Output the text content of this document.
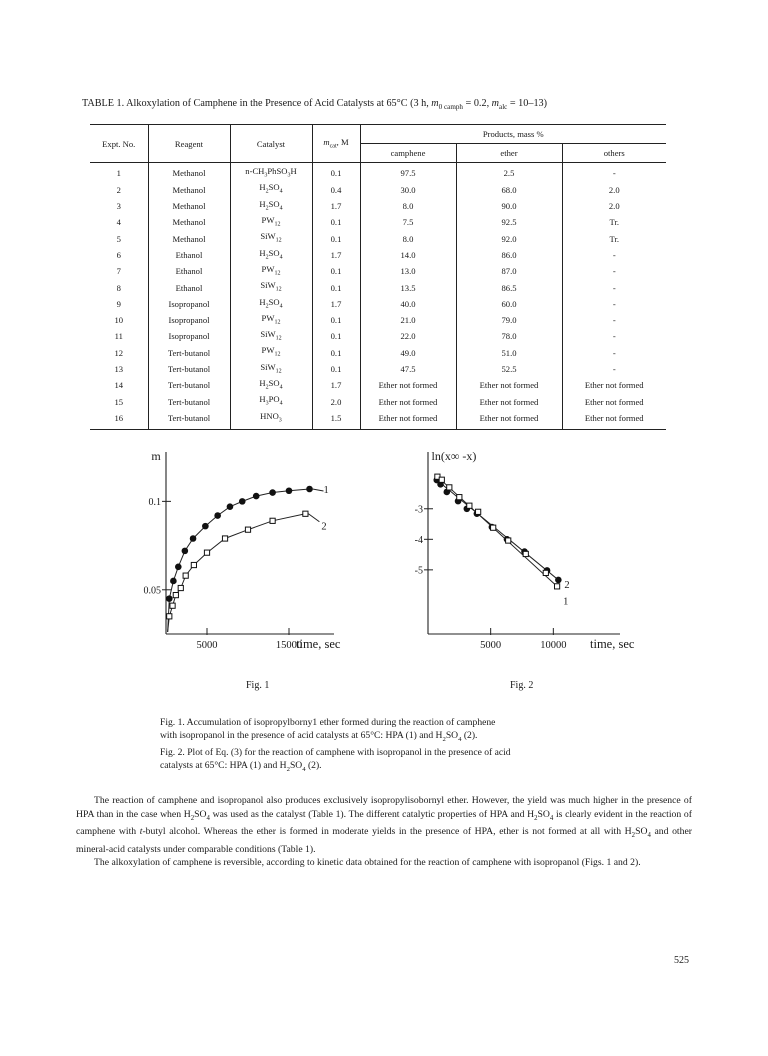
TABLE 1. Alkoxylation of Camphene in the Presence of Acid Catalysts at 65°C (3 h, $m_{0 camph} = 0.2$, $m_{alc} = 10-13$)
Expt. No.	Reagent	Catalyst	$m_{cat}$, M	Products, mass %		
				camphene	ether	others
1	Methanol	$n-CH_3PhSO_3H$	0.1	97.5	2.5	-
2	Methanol	$H_2SO_4$	0.4	30.0	68.0	2.0
3	Methanol	$H_2SO_4$	1.7	8.0	90.0	2.0
4	Methanol	$PW_{12}$	0.1	7.5	92.5	Tr.
5	Methanol	SiW$_{12}$	0.1	8.0	92.0	Tr.
6	Ethanol	$H_2SO_4$	1.7	14.0	86.0	-
7	Ethanol	$PW_{12}$	0.1	13.0	87.0	-
8	Ethanol	SiW$_{12}$	0.1	13.5	86.5	-
9	Isopropanol	$H_2SO_4$	1.7	40.0	60.0	-
10	Isopropanol	$PW_{12}$	0.1	21.0	79.0	-
11	Isopropanol	SiW$_{12}$	0.1	22.0	78.0	-
12	Tert-butanol	$PW_{12}$	0.1	49.0	51.0	-
13	Tert-butanol	SiW$_{12}$	0.1	47.5	52.5	-
14	Tert-butanol	$H_2SO_4$	1.7	Ether not formed	Ether not formed	Ether not formed
15	Tert-butanol	$H_3PO_4$	2.0	Ether not formed	Ether not formed	Ether not formed
16	Tert-butanol	$HNO_3$	1.5	Ether not formed	Ether not formed	Ether not formed
5000	15000
0.05
0.1
m
time, sec
1
2
Fig. 1
5000	10000
-3
-4
-5
ln(x∞ -x)
time, sec
2
1
Fig. 2

Fig. 1. Accumulation of isopropylborny1 ether formed during the reaction of camphene

with isopropanol in the presence of acid catalysts at 65°C: HPA (1) and $H_2SO_4$ (2).

Fig. 2. Plot of Eq. (3) for the reaction of camphene with isopropanol in the presence of acid

catalysts at 65°C: HPA (1) and $H_2SO_4$ (2).

The reaction of camphene and isopropanol also produces exclusively isopropylisobornyl ether. However, the yield was much higher in the presence of HPA than in the case when $H_2SO_4$ was used as the catalyst (Table 1). The different catalytic properties of HPA and $H_2SO_4$ is clearly evident in the reaction of camphene with t-butyl alcohol. Whereas the ether is formed in moderate yields in the presence of HPA, ether is not formed at all with $H_2SO_4$ and other mineral-acid catalysts under comparable conditions (Table 1).

The alkoxylation of camphene is reversible, according to kinetic data obtained for the reaction of camphene with isopropanol (Figs. 1 and 2).

525
